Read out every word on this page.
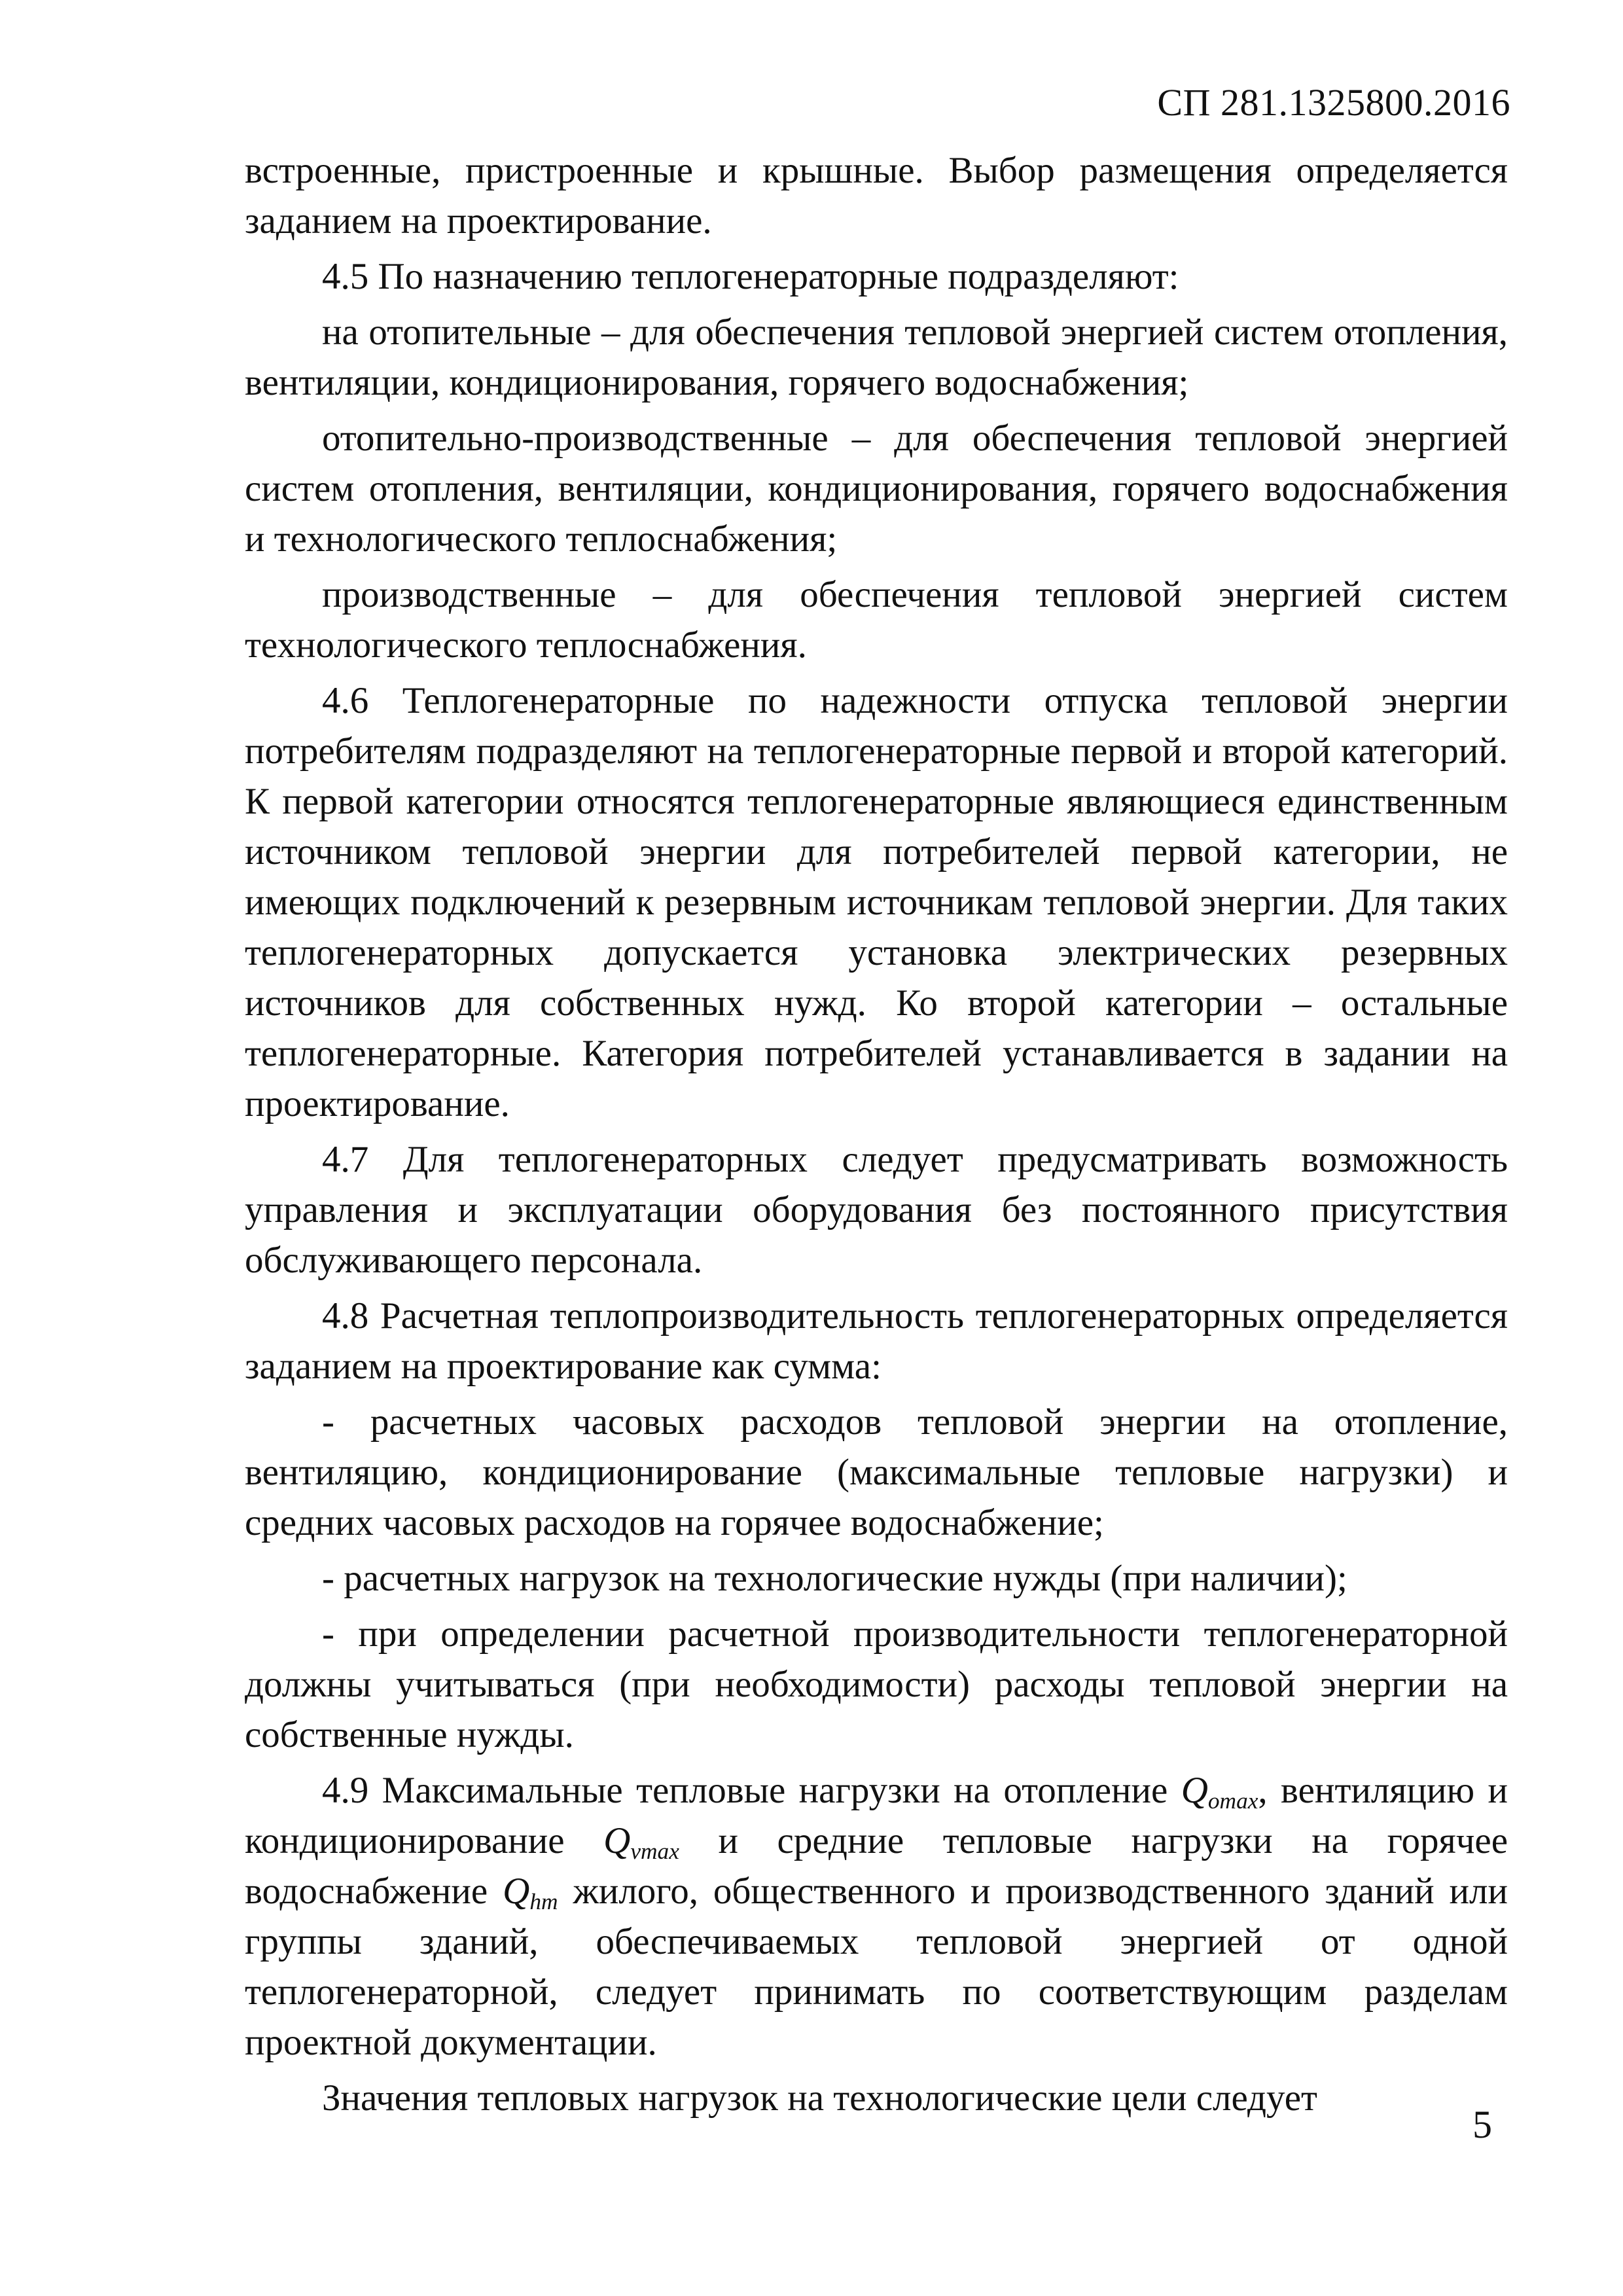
СП 281.1325800.2016

встроенные, пристроенные и крышные. Выбор размещения определяется заданием на проектирование.

4.5 По назначению теплогенераторные подразделяют:

на отопительные – для обеспечения тепловой энергией систем отопления, вентиляции, кондиционирования, горячего водоснабжения;

отопительно-производственные – для обеспечения тепловой энергией систем отопления, вентиляции, кондиционирования, горячего водоснабжения и технологического теплоснабжения;

производственные – для обеспечения тепловой энергией систем технологического теплоснабжения.

4.6 Теплогенераторные по надежности отпуска тепловой энергии потребителям подразделяют на теплогенераторные первой и второй категорий. К первой категории относятся теплогенераторные являющиеся единственным источником тепловой энергии для потребителей первой категории, не имеющих подключений к резервным источникам тепловой энергии. Для таких теплогенераторных допускается установка электрических резервных источников для собственных нужд. Ко второй категории – остальные теплогенераторные. Категория потребителей устанавливается в задании на проектирование.

4.7 Для теплогенераторных следует предусматривать возможность управления и эксплуатации оборудования без постоянного присутствия обслуживающего персонала.

4.8 Расчетная теплопроизводительность теплогенераторных определяется заданием на проектирование как сумма:

- расчетных часовых расходов тепловой энергии на отопление, вентиляцию, кондиционирование (максимальные тепловые нагрузки) и средних часовых расходов на горячее водоснабжение;

- расчетных нагрузок на технологические нужды (при наличии);

- при определении расчетной производительности теплогенераторной должны учитываться (при необходимости) расходы тепловой энергии на собственные нужды.

4.9 Максимальные тепловые нагрузки на отопление $Q_{omax}$, вентиляцию и кондиционирование $Q_{vmax}$ и средние тепловые нагрузки на горячее водоснабжение $Q_{hm}$ жилого, общественного и производственного зданий или группы зданий, обеспечиваемых тепловой энергией от одной теплогенераторной, следует принимать по соответствующим разделам проектной документации.

Значения тепловых нагрузок на технологические цели следует

5
